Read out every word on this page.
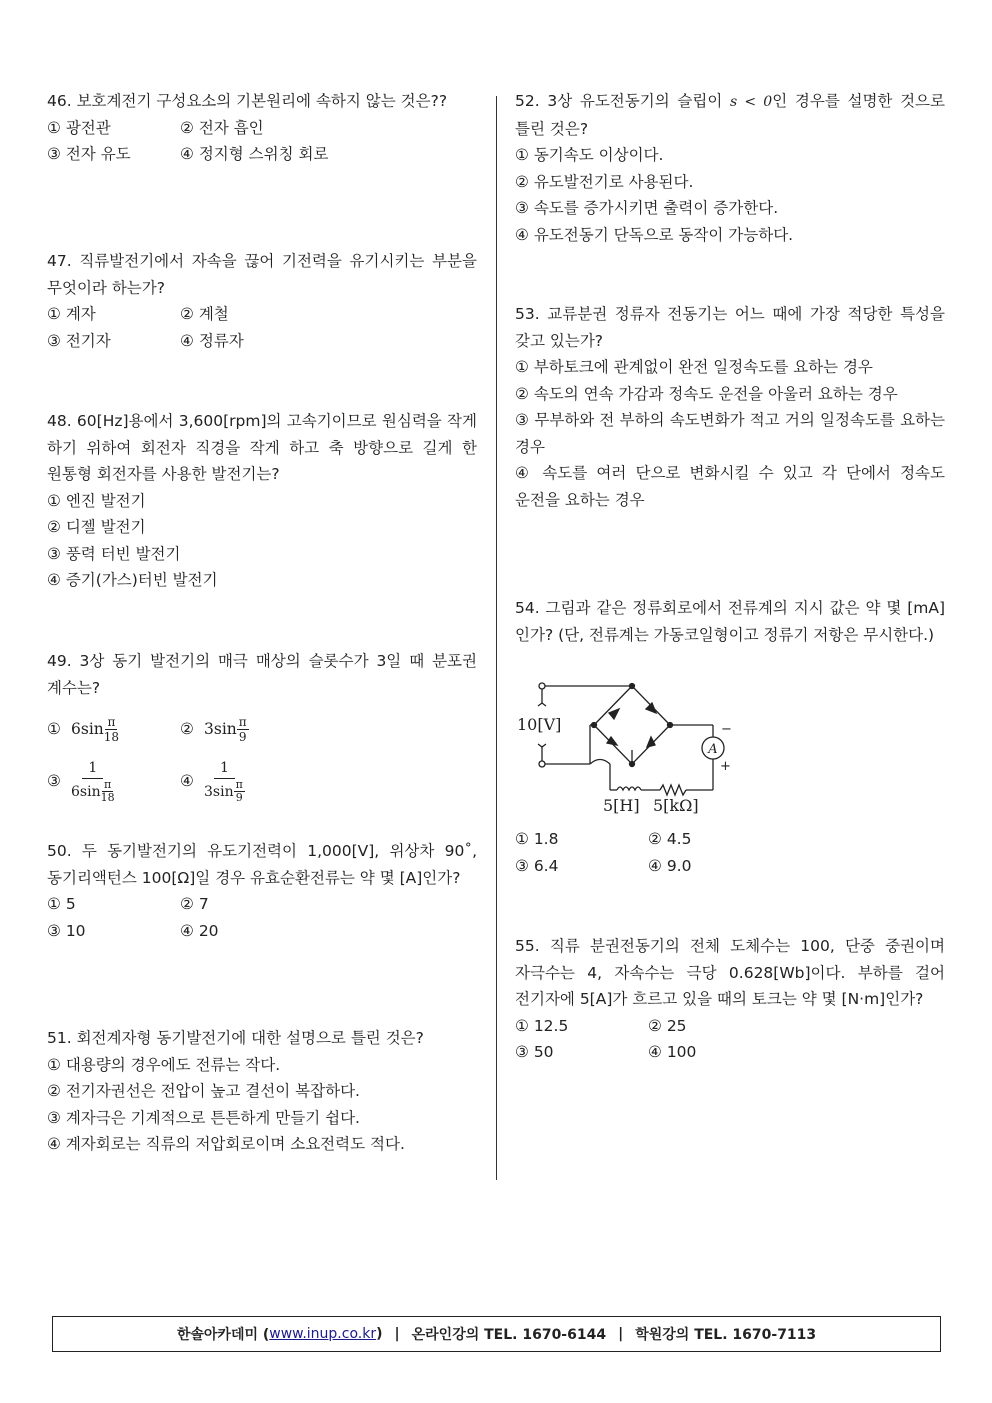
46. 보호계전기 구성요소의 기본원리에 속하지 않는 것은??
① 광전관	② 전자 흡인
③ 전자 유도	④ 정지형 스위칭 회로
47. 직류발전기에서 자속을 끊어 기전력을 유기시키는 부분을 무엇이라 하는가?
① 계자	② 계철
③ 전기자	④ 정류자
48. 60[Hz]용에서 3,600[rpm]의 고속기이므로 원심력을 작게 하기 위하여 회전자 직경을 작게 하고 축 방향으로 길게 한 원통형 회전자를 사용한 발전기는?
① 엔진 발전기
② 디젤 발전기
③ 풍력 터빈 발전기
④ 증기(가스)터빈 발전기
49. 3상 동기 발전기의 매극 매상의 슬롯수가 3일 때 분포권 계수는?
① $6\sin \frac{\pi}{18}$	② $3\sin \frac{\pi}{9}$
③ $\frac{1}{6\sin \frac{\pi}{18}}$	④ $\frac{1}{3\sin \frac{\pi}{9}}$
50. 두 동기발전기의 유도기전력이 1,000[V], 위상차 90˚, 동기리액턴스 100[Ω]일 경우 유효순환전류는 약 몇 [A]인가?
① 5	② 7
③ 10	④ 20
51. 회전계자형 동기발전기에 대한 설명으로 틀린 것은?
① 대용량의 경우에도 전류는 작다.
② 전기자권선은 전압이 높고 결선이 복잡하다.
③ 계자극은 기계적으로 튼튼하게 만들기 쉽다.
④ 계자회로는 직류의 저압회로이며 소요전력도 적다.
52. 3상 유도전동기의 슬립이 s < 0인 경우를 설명한 것으로 틀린 것은?
① 동기속도 이상이다.
② 유도발전기로 사용된다.
③ 속도를 증가시키면 출력이 증가한다.
④ 유도전동기 단독으로 동작이 가능하다.
53. 교류분권 정류자 전동기는 어느 때에 가장 적당한 특성을 갖고 있는가?
① 부하토크에 관계없이 완전 일정속도를 요하는 경우
② 속도의 연속 가감과 정속도 운전을 아울러 요하는 경우
③ 무부하와 전 부하의 속도변화가 적고 거의 일정속도를 요하는 경우
④ 속도를 여러 단으로 변화시킬 수 있고 각 단에서 정속도 운전을 요하는 경우
54. 그림과 같은 정류회로에서 전류계의 지시 값은 약 몇 [mA]인가? (단, 전류계는 가동코일형이고 정류기 저항은 무시한다.)
10[V]
A
−
+
5[H] 5[kΩ]
① 1.8	② 4.5
③ 6.4	④ 9.0
55. 직류 분권전동기의 전체 도체수는 100, 단중 중권이며 자극수는 4, 자속수는 극당 0.628[Wb]이다. 부하를 걸어 전기자에 5[A]가 흐르고 있을 때의 토크는 약 몇 [N·m]인가?
① 12.5	② 25
③ 50	④ 100
한솔아카데미 ( www.inup.co.kr ) | 온라인강의 TEL. 1670-6144 | 학원강의 TEL. 1670-7113
